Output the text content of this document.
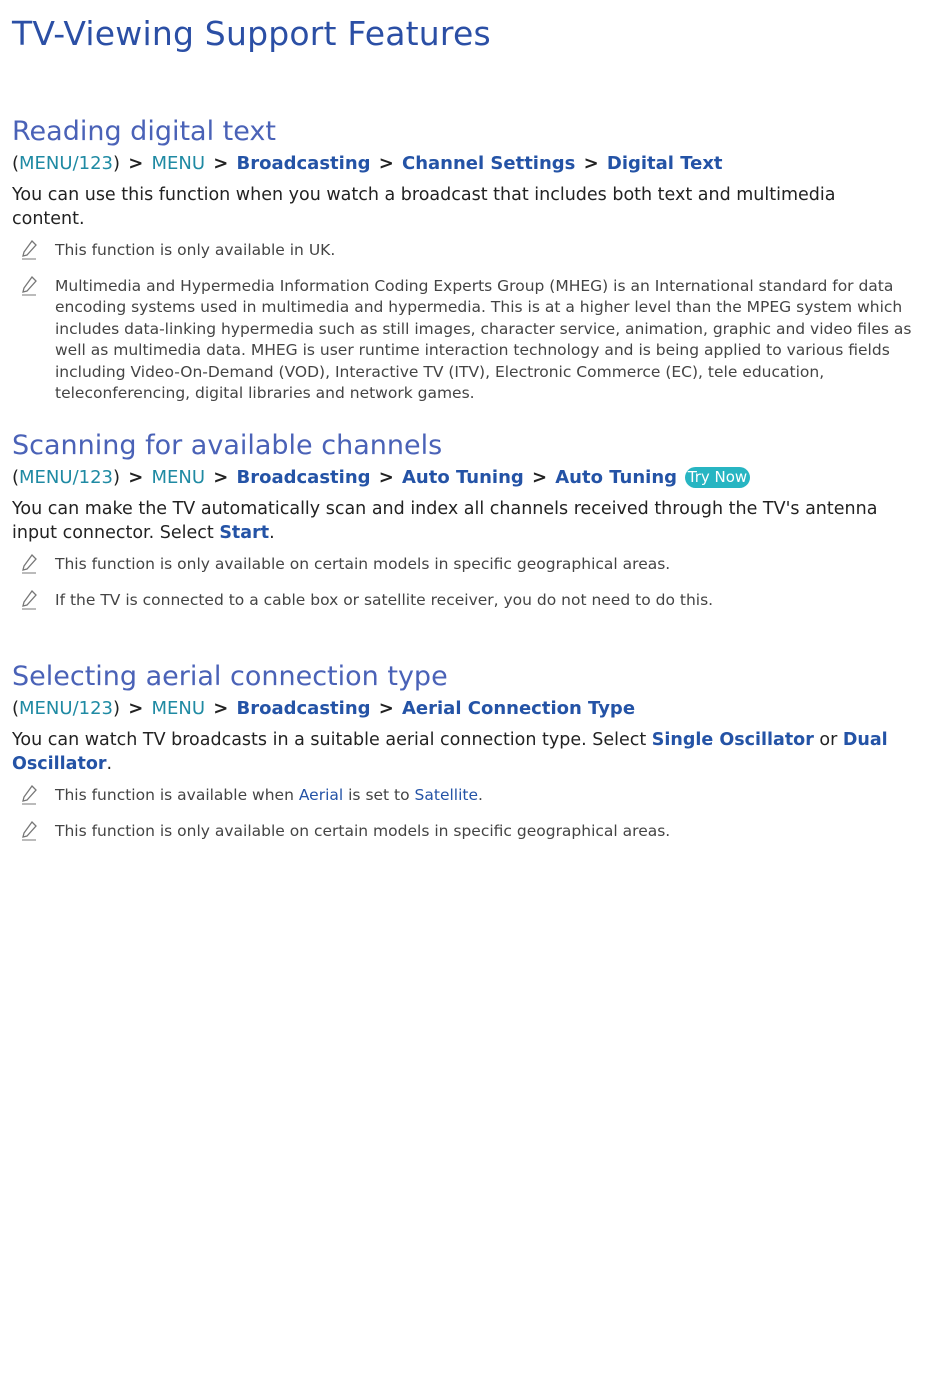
TV-Viewing Support Features
Reading digital text
(MENU/123) > MENU > Broadcasting > Channel Settings > Digital Text
You can use this function when you watch a broadcast that includes both text and multimedia content.
This function is only available in UK.
Multimedia and Hypermedia Information Coding Experts Group (MHEG) is an International standard for data encoding systems used in multimedia and hypermedia. This is at a higher level than the MPEG system which includes data-linking hypermedia such as still images, character service, animation, graphic and video files as well as multimedia data. MHEG is user runtime interaction technology and is being applied to various fields including Video-On-Demand (VOD), Interactive TV (ITV), Electronic Commerce (EC), tele education, teleconferencing, digital libraries and network games.
Scanning for available channels
(MENU/123) > MENU > Broadcasting > Auto Tuning > Auto Tuning Try Now
You can make the TV automatically scan and index all channels received through the TV's antenna input connector. Select Start.
This function is only available on certain models in specific geographical areas.
If the TV is connected to a cable box or satellite receiver, you do not need to do this.
Selecting aerial connection type
(MENU/123) > MENU > Broadcasting > Aerial Connection Type
You can watch TV broadcasts in a suitable aerial connection type. Select Single Oscillator or Dual Oscillator.
This function is available when Aerial is set to Satellite.
This function is only available on certain models in specific geographical areas.
